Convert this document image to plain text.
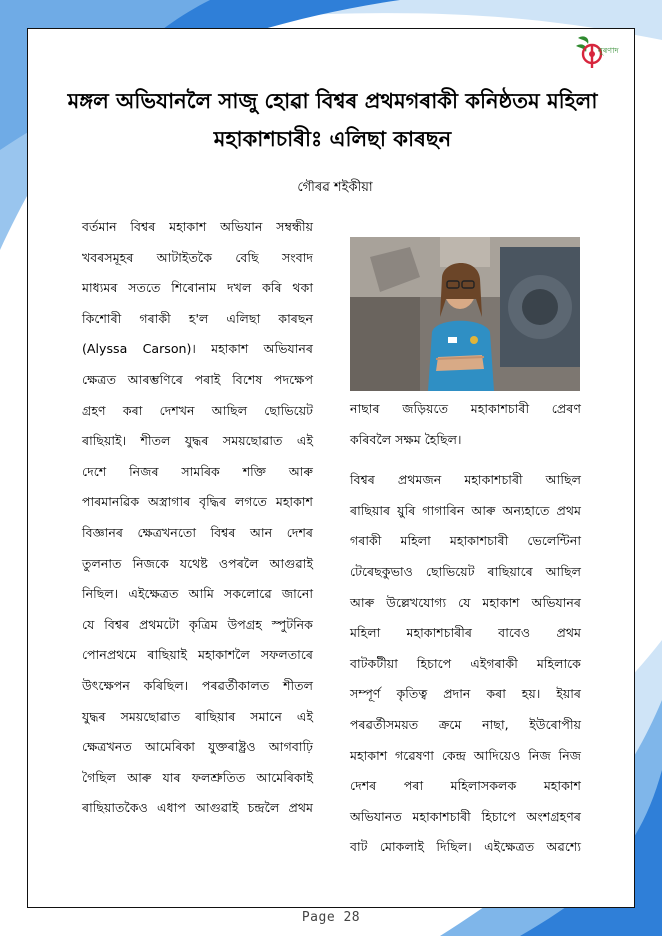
নূৰণাদ
মঙ্গল অভিযানলৈ সাজু হোৱা বিশ্বৰ প্ৰথমগৰাকী কনিষ্ঠতম মহিলা
মহাকাশচাৰীঃ এলিছা কাৰছন
গৌৰৱ শইকীয়া
বৰ্তমান বিশ্বৰ মহাকাশ অভিযান সম্বন্ধীয়
খবৰসমূহৰ আটাইতকৈ বেছি সংবাদ
মাধ্যমৰ সততে শিৰোনাম দখল কৰি থকা
কিশোৰী গৰাকী হ'ল এলিছা কাৰছন
(Alyssa Carson)। মহাকাশ অভিযানৰ
ক্ষেত্ৰত আৰম্ভণিৰে পৰাই বিশেষ পদক্ষেপ
গ্ৰহণ কৰা দেশখন আছিল ছোভিয়েট
ৰাছিয়াই। শীতল যুদ্ধৰ সময়ছোৱাত এই
দেশে নিজৰ সামৰিক শক্তি আৰু
পাৰমানৱিক অস্ত্ৰাগাৰ বৃদ্ধিৰ লগতে মহাকাশ
বিজ্ঞানৰ ক্ষেত্ৰখনতো বিশ্বৰ আন দেশৰ
তুলনাত নিজকে যথেষ্ট ওপৰলৈ আগুৱাই
নিছিল। এইক্ষেত্ৰত আমি সকলোৱে জানো
যে বিশ্বৰ প্ৰথমটো কৃত্ৰিম উপগ্ৰহ স্পুটনিক
পোনপ্ৰথমে ৰাছিয়াই মহাকাশলৈ সফলতাৰে
উৎক্ষেপন কৰিছিল। পৰৱৰ্তীকালত শীতল
যুদ্ধৰ সময়ছোৱাত ৰাছিয়াৰ সমানে এই
ক্ষেত্ৰখনত আমেৰিকা যুক্তৰাষ্ট্ৰও আগবাঢ়ি
গৈছিল আৰু যাৰ ফলশ্ৰুতিত আমেৰিকাই
ৰাছিয়াতকৈও এধাপ আগুৱাই চন্দ্ৰলৈ প্ৰথম
নাছাৰ জড়িয়তে মহাকাশচাৰী প্ৰেৰণ
কৰিবলৈ সক্ষম হৈছিল।
বিশ্বৰ প্ৰথমজন মহাকাশচাৰী আছিল
ৰাছিয়াৰ য়ুৰি গাগাৰিন আৰু অন্যহাতে প্ৰথম
গৰাকী মহিলা মহাকাশচাৰী ভেলেন্টিনা
টেৰেছকুভাও ছোভিয়েট ৰাছিয়াৰে আছিল
আৰু উল্লেখযোগ্য যে মহাকাশ অভিযানৰ
মহিলা মহাকাশচাৰীৰ বাবেও প্ৰথম
বাটকটীয়া হিচাপে এইগৰাকী মহিলাকে
সম্পূৰ্ণ কৃতিত্ব প্ৰদান কৰা হয়। ইয়াৰ
পৰৱৰ্তীসময়ত ক্ৰমে নাছা, ইউৰোপীয়
মহাকাশ গৱেষণা কেন্দ্ৰ আদিয়েও নিজ নিজ
দেশৰ পৰা মহিলাসকলক মহাকাশ
অভিযানত মহাকাশচাৰী হিচাপে অংশগ্ৰহণৰ
বাট মোকলাই দিছিল। এইক্ষেত্ৰত অৱশ্যে
Page 28
